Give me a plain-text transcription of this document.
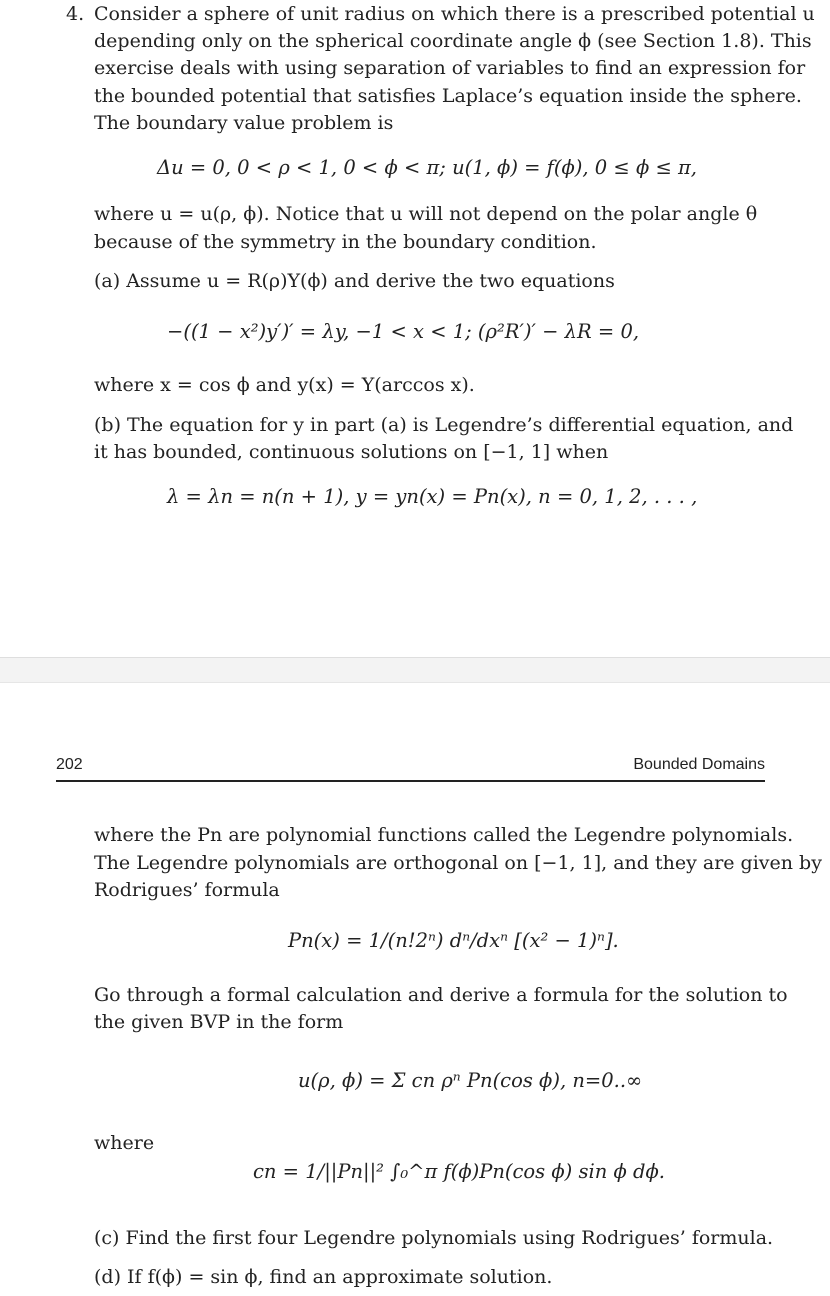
4. Consider a sphere of unit radius on which there is a prescribed potential u
depending only on the spherical coordinate angle ϕ (see Section 1.8). This
exercise deals with using separation of variables to find an expression for
the bounded potential that satisfies Laplace’s equation inside the sphere.
The boundary value problem is
Δu = 0, 0 < ρ < 1, 0 < ϕ < π; u(1, ϕ) = f(ϕ), 0 ≤ ϕ ≤ π,
where u = u(ρ, ϕ). Notice that u will not depend on the polar angle θ
because of the symmetry in the boundary condition.
(a) Assume u = R(ρ)Y(ϕ) and derive the two equations
−((1 − x²)y′)′ = λy, −1 < x < 1; (ρ²R′)′ − λR = 0,
where x = cos ϕ and y(x) = Y(arccos x).
(b) The equation for y in part (a) is Legendre’s differential equation, and
it has bounded, continuous solutions on [−1, 1] when
λ = λn = n(n + 1), y = yn(x) = Pn(x), n = 0, 1, 2, . . . ,
202	Bounded Domains
where the Pn are polynomial functions called the Legendre polynomials.
The Legendre polynomials are orthogonal on [−1, 1], and they are given by
Rodrigues’ formula
Pn(x) = 1/(n!2ⁿ) dⁿ/dxⁿ [(x² − 1)ⁿ].
Go through a formal calculation and derive a formula for the solution to
the given BVP in the form
u(ρ, ϕ) = Σ cn ρⁿ Pn(cos ϕ), n=0..∞
where
cn = 1/||Pn||² ∫₀^π f(ϕ)Pn(cos ϕ) sin ϕ dϕ.
(c) Find the first four Legendre polynomials using Rodrigues’ formula.
(d) If f(ϕ) = sin ϕ, find an approximate solution.
